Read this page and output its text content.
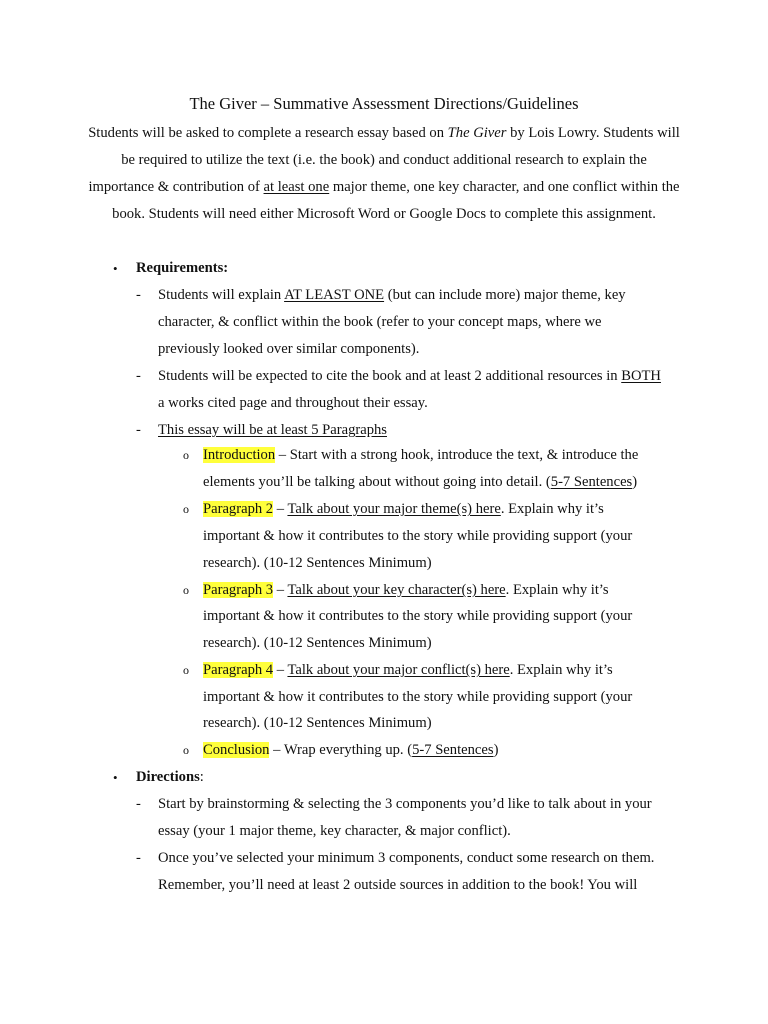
The Giver – Summative Assessment Directions/Guidelines
Students will be asked to complete a research essay based on The Giver by Lois Lowry. Students will be required to utilize the text (i.e. the book) and conduct additional research to explain the importance & contribution of at least one major theme, one key character, and one conflict within the book. Students will need either Microsoft Word or Google Docs to complete this assignment.
• Requirements:
- Students will explain AT LEAST ONE (but can include more) major theme, key
character, & conflict within the book (refer to your concept maps, where we
previously looked over similar components).
- Students will be expected to cite the book and at least 2 additional resources in BOTH
a works cited page and throughout their essay.
- This essay will be at least 5 Paragraphs
o Introduction – Start with a strong hook, introduce the text, & introduce the
elements you’ll be talking about without going into detail. (5-7 Sentences)
o Paragraph 2 – Talk about your major theme(s) here. Explain why it’s
important & how it contributes to the story while providing support (your
research). (10-12 Sentences Minimum)
o Paragraph 3 – Talk about your key character(s) here. Explain why it’s
important & how it contributes to the story while providing support (your
research). (10-12 Sentences Minimum)
o Paragraph 4 – Talk about your major conflict(s) here. Explain why it’s
important & how it contributes to the story while providing support (your
research). (10-12 Sentences Minimum)
o Conclusion – Wrap everything up. (5-7 Sentences)
• Directions:
- Start by brainstorming & selecting the 3 components you’d like to talk about in your
essay (your 1 major theme, key character, & major conflict).
- Once you’ve selected your minimum 3 components, conduct some research on them.
Remember, you’ll need at least 2 outside sources in addition to the book! You will
